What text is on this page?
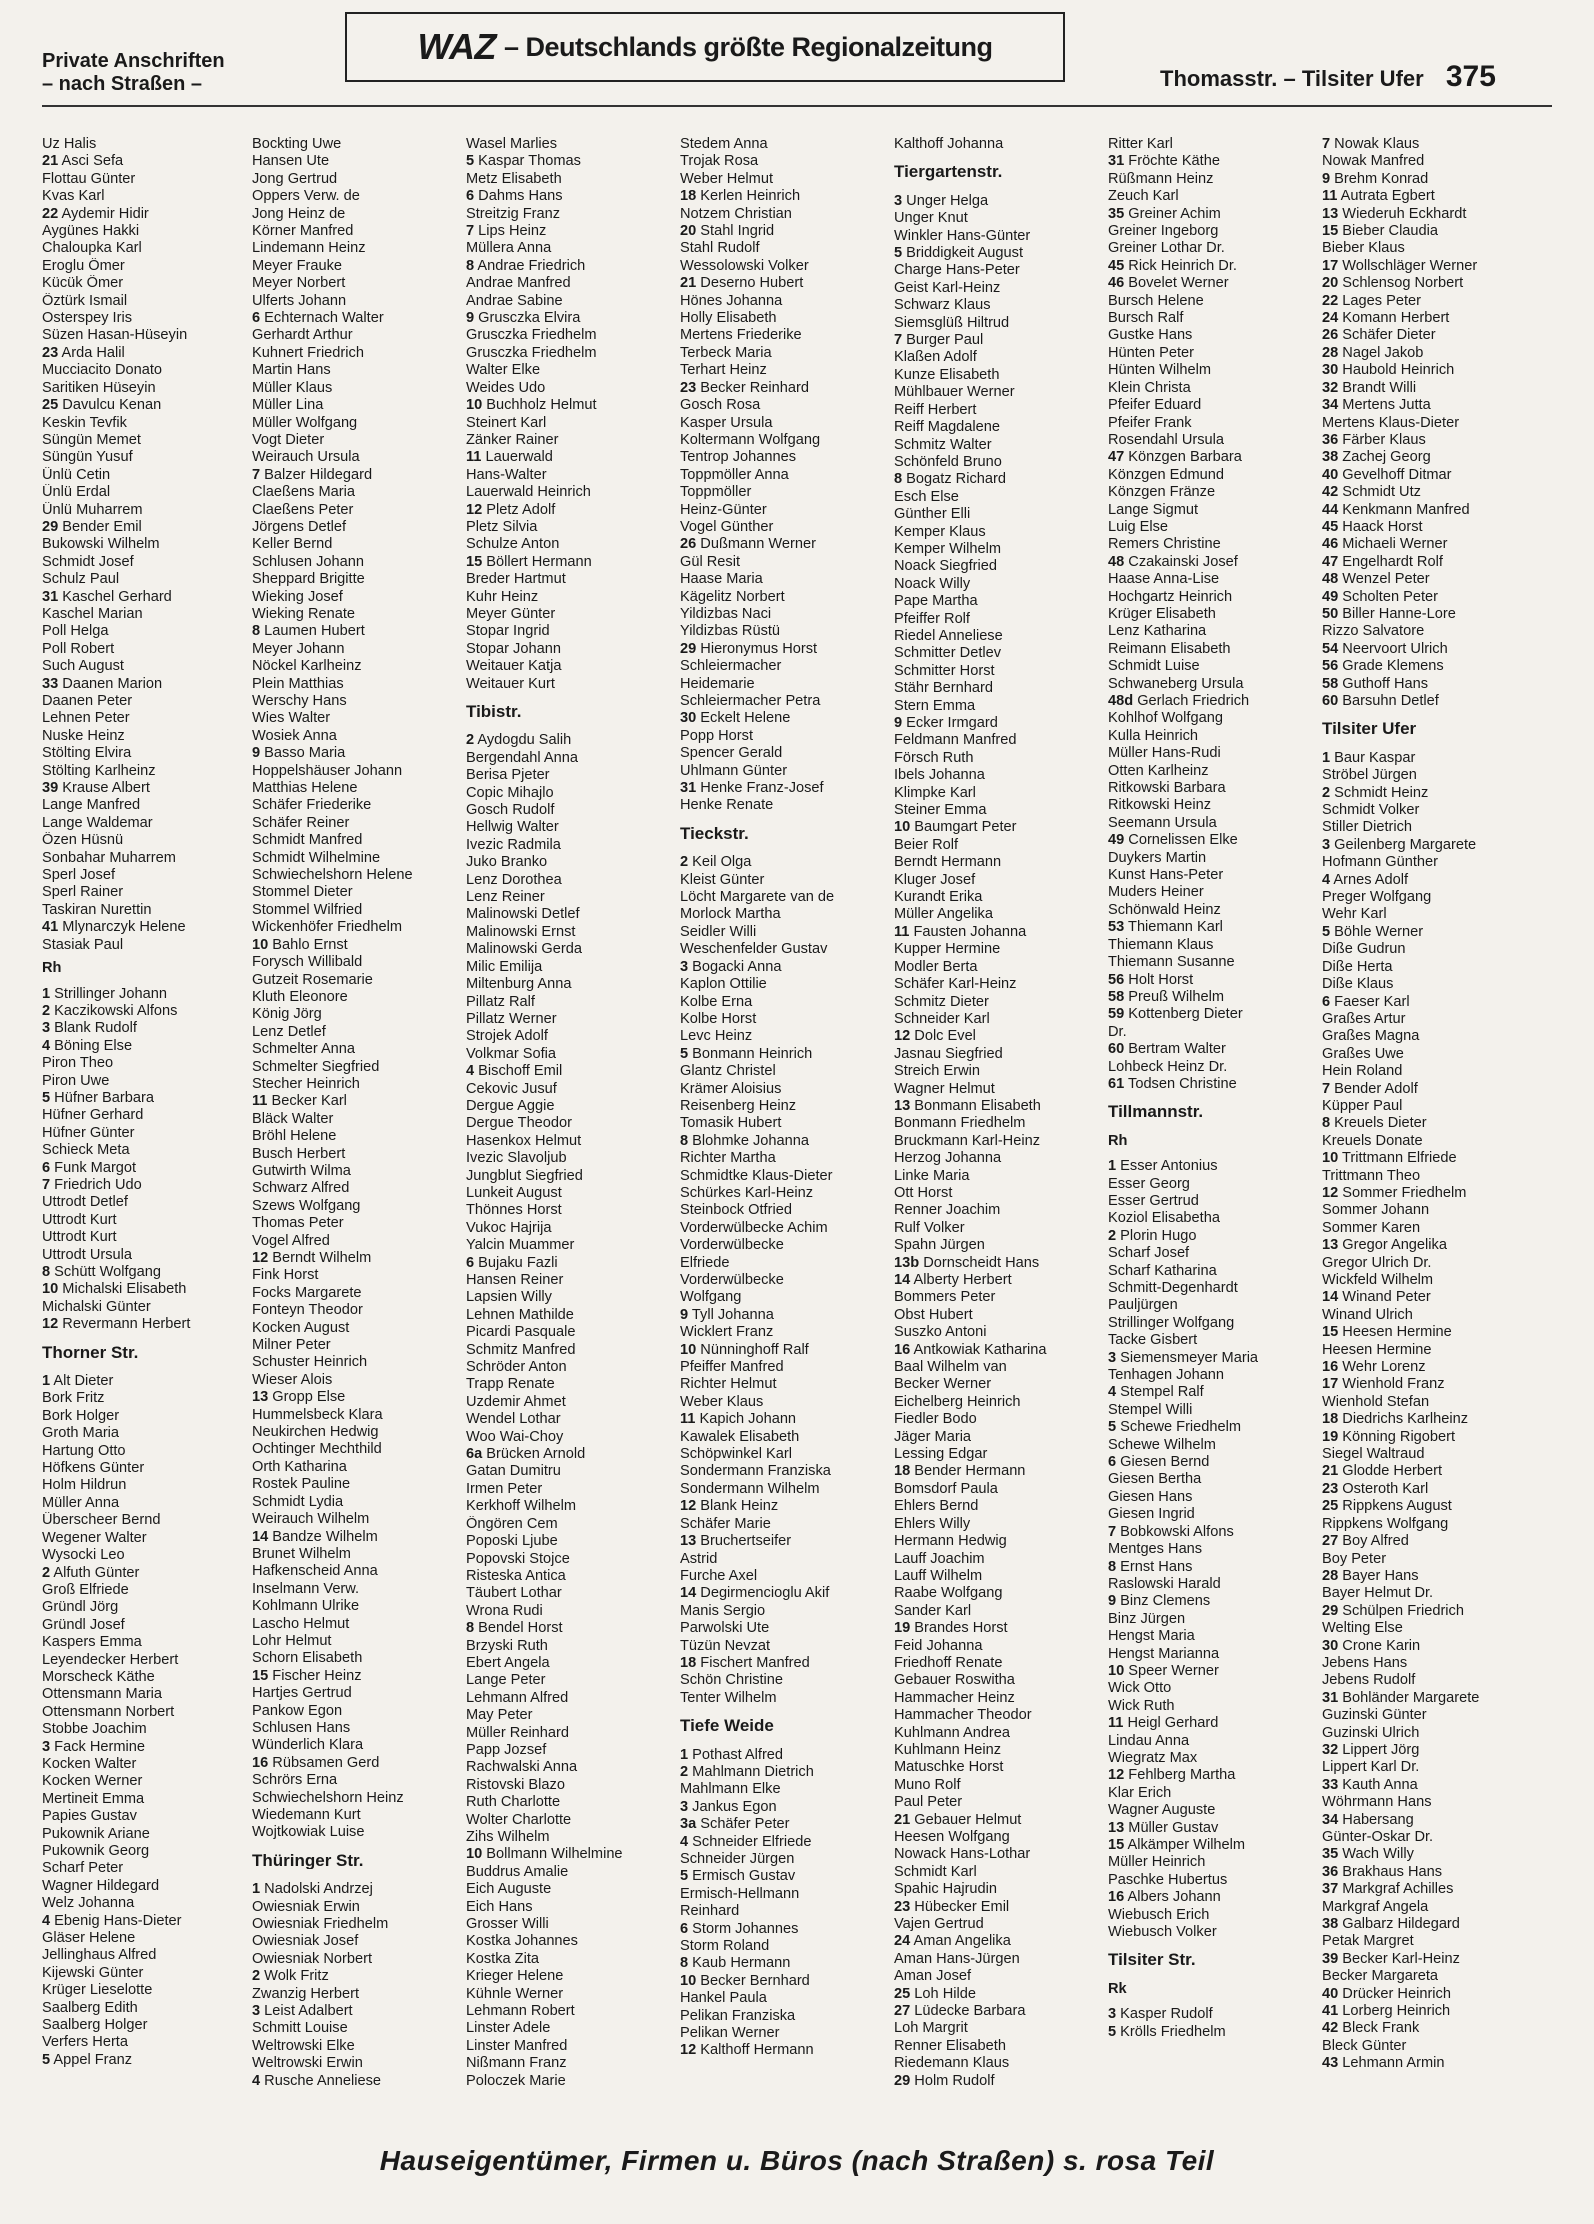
Private Anschriften
– nach Straßen –
WAZ – Deutschlands größte Regionalzeitung
Thomasstr. – Tilsiter Ufer 375
Uz Halis
21 Asci Sefa
Flottau Günter
Kvas Karl
22 Aydemir Hidir
Aygünes Hakki
Chaloupka Karl
Eroglu Ömer
Kücük Ömer
Öztürk Ismail
Osterspey Iris
Süzen Hasan-Hüseyin
23 Arda Halil
Mucciacito Donato
Saritiken Hüseyin
25 Davulcu Kenan
Keskin Tevfik
Süngün Memet
Süngün Yusuf
Ünlü Cetin
Ünlü Erdal
Ünlü Muharrem
29 Bender Emil
Bukowski Wilhelm
Schmidt Josef
Schulz Paul
31 Kaschel Gerhard
Kaschel Marian
Poll Helga
Poll Robert
Such August
33 Daanen Marion
Daanen Peter
Lehnen Peter
Nuske Heinz
Stölting Elvira
Stölting Karlheinz
39 Krause Albert
Lange Manfred
Lange Waldemar
Özen Hüsnü
Sonbahar Muharrem
Sperl Josef
Sperl Rainer
Taskiran Nurettin
41 Mlynarczyk Helene
Stasiak Paul
Rh
1 Strillinger Johann
2 Kaczikowski Alfons
3 Blank Rudolf
4 Böning Else
Piron Theo
Piron Uwe
5 Hüfner Barbara
Hüfner Gerhard
Hüfner Günter
Schieck Meta
6 Funk Margot
7 Friedrich Udo
Uttrodt Detlef
Uttrodt Kurt
Uttrodt Kurt
Uttrodt Ursula
8 Schütt Wolfgang
10 Michalski Elisabeth
Michalski Günter
12 Revermann Herbert
Thorner Str.
1 Alt Dieter
Bork Fritz
Bork Holger
Groth Maria
Hartung Otto
Höfkens Günter
Holm Hildrun
Müller Anna
Überscheer Bernd
Wegener Walter
Wysocki Leo
2 Alfuth Günter
Groß Elfriede
Gründl Jörg
Gründl Josef
Kaspers Emma
Leyendecker Herbert
Morscheck Käthe
Ottensmann Maria
Ottensmann Norbert
Stobbe Joachim
3 Fack Hermine
Kocken Walter
Kocken Werner
Mertineit Emma
Papies Gustav
Pukownik Ariane
Pukownik Georg
Scharf Peter
Wagner Hildegard
Welz Johanna
4 Ebenig Hans-Dieter
Gläser Helene
Jellinghaus Alfred
Kijewski Günter
Krüger Lieselotte
Saalberg Edith
Saalberg Holger
Verfers Herta
5 Appel Franz
Bockting Uwe
Hansen Ute
Jong Gertrud
Oppers Verw. de
Jong Heinz de
Körner Manfred
Lindemann Heinz
Meyer Frauke
Meyer Norbert
Ulferts Johann
6 Echternach Walter
Gerhardt Arthur
Kuhnert Friedrich
Martin Hans
Müller Klaus
Müller Lina
Müller Wolfgang
Vogt Dieter
Weirauch Ursula
7 Balzer Hildegard
Claeßens Maria
Claeßens Peter
Jörgens Detlef
Keller Bernd
Schlusen Johann
Sheppard Brigitte
Wieking Josef
Wieking Renate
8 Laumen Hubert
Meyer Johann
Nöckel Karlheinz
Plein Matthias
Werschy Hans
Wies Walter
Wosiek Anna
9 Basso Maria
Hoppelshäuser Johann
Matthias Helene
Schäfer Friederike
Schäfer Reiner
Schmidt Manfred
Schmidt Wilhelmine
Schwiechelshorn Helene
Stommel Dieter
Stommel Wilfried
Wickenhöfer Friedhelm
10 Bahlo Ernst
Forysch Willibald
Gutzeit Rosemarie
Kluth Eleonore
König Jörg
Lenz Detlef
Schmelter Anna
Schmelter Siegfried
Stecher Heinrich
11 Becker Karl
Bläck Walter
Bröhl Helene
Busch Herbert
Gutwirth Wilma
Schwarz Alfred
Szews Wolfgang
Thomas Peter
Vogel Alfred
12 Berndt Wilhelm
Fink Horst
Focks Margarete
Fonteyn Theodor
Kocken August
Milner Peter
Schuster Heinrich
Wieser Alois
13 Gropp Else
Hummelsbeck Klara
Neukirchen Hedwig
Ochtinger Mechthild
Orth Katharina
Rostek Pauline
Schmidt Lydia
Weirauch Wilhelm
14 Bandze Wilhelm
Brunet Wilhelm
Hafkenscheid Anna
Inselmann Verw.
Kohlmann Ulrike
Lascho Helmut
Lohr Helmut
Schorn Elisabeth
15 Fischer Heinz
Hartjes Gertrud
Pankow Egon
Schlusen Hans
Wünderlich Klara
16 Rübsamen Gerd
Schrörs Erna
Schwiechelshorn Heinz
Wiedemann Kurt
Wojtkowiak Luise
Thüringer Str.
1 Nadolski Andrzej
Owiesniak Erwin
Owiesniak Friedhelm
Owiesniak Josef
Owiesniak Norbert
2 Wolk Fritz
Zwanzig Herbert
3 Leist Adalbert
Schmitt Louise
Weltrowski Elke
Weltrowski Erwin
4 Rusche Anneliese
Wasel Marlies
5 Kaspar Thomas
Metz Elisabeth
6 Dahms Hans
Streitzig Franz
7 Lips Heinz
Müllera Anna
8 Andrae Friedrich
Andrae Manfred
Andrae Sabine
9 Grusczka Elvira
Grusczka Friedhelm
Grusczka Friedhelm
Walter Elke
Weides Udo
10 Buchholz Helmut
Steinert Karl
Zänker Rainer
11 Lauerwald
Hans-Walter
Lauerwald Heinrich
12 Pletz Adolf
Pletz Silvia
Schulze Anton
15 Böllert Hermann
Breder Hartmut
Kuhr Heinz
Meyer Günter
Stopar Ingrid
Stopar Johann
Weitauer Katja
Weitauer Kurt
Tibistr.
2 Aydogdu Salih
Bergendahl Anna
Berisa Pjeter
Copic Mihajlo
Gosch Rudolf
Hellwig Walter
Ivezic Radmila
Juko Branko
Lenz Dorothea
Lenz Reiner
Malinowski Detlef
Malinowski Ernst
Malinowski Gerda
Milic Emilija
Miltenburg Anna
Pillatz Ralf
Pillatz Werner
Strojek Adolf
Volkmar Sofia
4 Bischoff Emil
Cekovic Jusuf
Dergue Aggie
Dergue Theodor
Hasenkox Helmut
Ivezic Slavoljub
Jungblut Siegfried
Lunkeit August
Thönnes Horst
Vukoc Hajrija
Yalcin Muammer
6 Bujaku Fazli
Hansen Reiner
Lapsien Willy
Lehnen Mathilde
Picardi Pasquale
Schmitz Manfred
Schröder Anton
Trapp Renate
Uzdemir Ahmet
Wendel Lothar
Woo Wai-Choy
6a Brücken Arnold
Gatan Dumitru
Irmen Peter
Kerkhoff Wilhelm
Öngören Cem
Poposki Ljube
Popovski Stojce
Risteska Antica
Täubert Lothar
Wrona Rudi
8 Bendel Horst
Brzyski Ruth
Ebert Angela
Lange Peter
Lehmann Alfred
May Peter
Müller Reinhard
Papp Jozsef
Rachwalski Anna
Ristovski Blazo
Ruth Charlotte
Wolter Charlotte
Zihs Wilhelm
10 Bollmann Wilhelmine
Buddrus Amalie
Eich Auguste
Eich Hans
Grosser Willi
Kostka Johannes
Kostka Zita
Krieger Helene
Kühnle Werner
Lehmann Robert
Linster Adele
Linster Manfred
Nißmann Franz
Poloczek Marie
Stedem Anna
Trojak Rosa
Weber Helmut
18 Kerlen Heinrich
Notzem Christian
20 Stahl Ingrid
Stahl Rudolf
Wessolowski Volker
21 Deserno Hubert
Hönes Johanna
Holly Elisabeth
Mertens Friederike
Terbeck Maria
Terhart Heinz
23 Becker Reinhard
Gosch Rosa
Kasper Ursula
Koltermann Wolfgang
Tentrop Johannes
Toppmöller Anna
Toppmöller
Heinz-Günter
Vogel Günther
26 Dußmann Werner
Gül Resit
Haase Maria
Kägelitz Norbert
Yildizbas Naci
Yildizbas Rüstü
29 Hieronymus Horst
Schleiermacher
Heidemarie
Schleiermacher Petra
30 Eckelt Helene
Popp Horst
Spencer Gerald
Uhlmann Günter
31 Henke Franz-Josef
Henke Renate
Tieckstr.
2 Keil Olga
Kleist Günter
Löcht Margarete van de
Morlock Martha
Seidler Willi
Weschenfelder Gustav
3 Bogacki Anna
Kaplon Ottilie
Kolbe Erna
Kolbe Horst
Levc Heinz
5 Bonmann Heinrich
Glantz Christel
Krämer Aloisius
Reisenberg Heinz
Tomasik Hubert
8 Blohmke Johanna
Richter Martha
Schmidtke Klaus-Dieter
Schürkes Karl-Heinz
Steinbock Otfried
Vorderwülbecke Achim
Vorderwülbecke
Elfriede
Vorderwülbecke
Wolfgang
9 Tyll Johanna
Wicklert Franz
10 Nünninghoff Ralf
Pfeiffer Manfred
Richter Helmut
Weber Klaus
11 Kapich Johann
Kawalek Elisabeth
Schöpwinkel Karl
Sondermann Franziska
Sondermann Wilhelm
12 Blank Heinz
Schäfer Marie
13 Bruchertseifer
Astrid
Furche Axel
14 Degirmencioglu Akif
Manis Sergio
Parwolski Ute
Tüzün Nevzat
18 Fischert Manfred
Schön Christine
Tenter Wilhelm
Tiefe Weide
1 Pothast Alfred
2 Mahlmann Dietrich
Mahlmann Elke
3 Jankus Egon
3a Schäfer Peter
4 Schneider Elfriede
Schneider Jürgen
5 Ermisch Gustav
Ermisch-Hellmann
Reinhard
6 Storm Johannes
Storm Roland
8 Kaub Hermann
10 Becker Bernhard
Hankel Paula
Pelikan Franziska
Pelikan Werner
12 Kalthoff Hermann
Kalthoff Johanna
Tiergartenstr.
3 Unger Helga
Unger Knut
Winkler Hans-Günter
5 Briddigkeit August
Charge Hans-Peter
Geist Karl-Heinz
Schwarz Klaus
Siemsglüß Hiltrud
7 Burger Paul
Klaßen Adolf
Kunze Elisabeth
Mühlbauer Werner
Reiff Herbert
Reiff Magdalene
Schmitz Walter
Schönfeld Bruno
8 Bogatz Richard
Esch Else
Günther Elli
Kemper Klaus
Kemper Wilhelm
Noack Siegfried
Noack Willy
Pape Martha
Pfeiffer Rolf
Riedel Anneliese
Schmitter Detlev
Schmitter Horst
Stähr Bernhard
Stern Emma
9 Ecker Irmgard
Feldmann Manfred
Försch Ruth
Ibels Johanna
Klimpke Karl
Steiner Emma
10 Baumgart Peter
Beier Rolf
Berndt Hermann
Kluger Josef
Kurandt Erika
Müller Angelika
11 Fausten Johanna
Kupper Hermine
Modler Berta
Schäfer Karl-Heinz
Schmitz Dieter
Schneider Karl
12 Dolc Evel
Jasnau Siegfried
Streich Erwin
Wagner Helmut
13 Bonmann Elisabeth
Bonmann Friedhelm
Bruckmann Karl-Heinz
Herzog Johanna
Linke Maria
Ott Horst
Renner Joachim
Rulf Volker
Spahn Jürgen
13b Dornscheidt Hans
14 Alberty Herbert
Bommers Peter
Obst Hubert
Suszko Antoni
16 Antkowiak Katharina
Baal Wilhelm van
Becker Werner
Eichelberg Heinrich
Fiedler Bodo
Jäger Maria
Lessing Edgar
18 Bender Hermann
Bomsdorf Paula
Ehlers Bernd
Ehlers Willy
Hermann Hedwig
Lauff Joachim
Lauff Wilhelm
Raabe Wolfgang
Sander Karl
19 Brandes Horst
Feid Johanna
Friedhoff Renate
Gebauer Roswitha
Hammacher Heinz
Hammacher Theodor
Kuhlmann Andrea
Kuhlmann Heinz
Matuschke Horst
Muno Rolf
Paul Peter
21 Gebauer Helmut
Heesen Wolfgang
Nowack Hans-Lothar
Schmidt Karl
Spahic Hajrudin
23 Hübecker Emil
Vajen Gertrud
24 Aman Angelika
Aman Hans-Jürgen
Aman Josef
25 Loh Hilde
27 Lüdecke Barbara
Loh Margrit
Renner Elisabeth
Riedemann Klaus
29 Holm Rudolf
Ritter Karl
31 Fröchte Käthe
Rüßmann Heinz
Zeuch Karl
35 Greiner Achim
Greiner Ingeborg
Greiner Lothar Dr.
45 Rick Heinrich Dr.
46 Bovelet Werner
Bursch Helene
Bursch Ralf
Gustke Hans
Hünten Peter
Hünten Wilhelm
Klein Christa
Pfeifer Eduard
Pfeifer Frank
Rosendahl Ursula
47 Könzgen Barbara
Könzgen Edmund
Könzgen Fränze
Lange Sigmut
Luig Else
Remers Christine
48 Czakainski Josef
Haase Anna-Lise
Hochgartz Heinrich
Krüger Elisabeth
Lenz Katharina
Reimann Elisabeth
Schmidt Luise
Schwaneberg Ursula
48d Gerlach Friedrich
Kohlhof Wolfgang
Kulla Heinrich
Müller Hans-Rudi
Otten Karlheinz
Ritkowski Barbara
Ritkowski Heinz
Seemann Ursula
49 Cornelissen Elke
Duykers Martin
Kunst Hans-Peter
Muders Heiner
Schönwald Heinz
53 Thiemann Karl
Thiemann Klaus
Thiemann Susanne
56 Holt Horst
58 Preuß Wilhelm
59 Kottenberg Dieter
Dr.
60 Bertram Walter
Lohbeck Heinz Dr.
61 Todsen Christine
Tillmannstr.
Rh
1 Esser Antonius
Esser Georg
Esser Gertrud
Koziol Elisabetha
2 Plorin Hugo
Scharf Josef
Scharf Katharina
Schmitt-Degenhardt
Pauljürgen
Strillinger Wolfgang
Tacke Gisbert
3 Siemensmeyer Maria
Tenhagen Johann
4 Stempel Ralf
Stempel Willi
5 Schewe Friedhelm
Schewe Wilhelm
6 Giesen Bernd
Giesen Bertha
Giesen Hans
Giesen Ingrid
7 Bobkowski Alfons
Mentges Hans
8 Ernst Hans
Raslowski Harald
9 Binz Clemens
Binz Jürgen
Hengst Maria
Hengst Marianna
10 Speer Werner
Wick Otto
Wick Ruth
11 Heigl Gerhard
Lindau Anna
Wiegratz Max
12 Fehlberg Martha
Klar Erich
Wagner Auguste
13 Müller Gustav
15 Alkämper Wilhelm
Müller Heinrich
Paschke Hubertus
16 Albers Johann
Wiebusch Erich
Wiebusch Volker
Tilsiter Str.
Rk
3 Kasper Rudolf
5 Krölls Friedhelm
7 Nowak Klaus
Nowak Manfred
9 Brehm Konrad
11 Autrata Egbert
13 Wiederuh Eckhardt
15 Bieber Claudia
Bieber Klaus
17 Wollschläger Werner
20 Schlensog Norbert
22 Lages Peter
24 Komann Herbert
26 Schäfer Dieter
28 Nagel Jakob
30 Haubold Heinrich
32 Brandt Willi
34 Mertens Jutta
Mertens Klaus-Dieter
36 Färber Klaus
38 Zachej Georg
40 Gevelhoff Ditmar
42 Schmidt Utz
44 Kenkmann Manfred
45 Haack Horst
46 Michaeli Werner
47 Engelhardt Rolf
48 Wenzel Peter
49 Scholten Peter
50 Biller Hanne-Lore
Rizzo Salvatore
54 Neervoort Ulrich
56 Grade Klemens
58 Guthoff Hans
60 Barsuhn Detlef
Tilsiter Ufer
1 Baur Kaspar
Ströbel Jürgen
2 Schmidt Heinz
Schmidt Volker
Stiller Dietrich
3 Geilenberg Margarete
Hofmann Günther
4 Arnes Adolf
Preger Wolfgang
Wehr Karl
5 Böhle Werner
Diße Gudrun
Diße Herta
Diße Klaus
6 Faeser Karl
Graßes Artur
Graßes Magna
Graßes Uwe
Hein Roland
7 Bender Adolf
Küpper Paul
8 Kreuels Dieter
Kreuels Donate
10 Trittmann Elfriede
Trittmann Theo
12 Sommer Friedhelm
Sommer Johann
Sommer Karen
13 Gregor Angelika
Gregor Ulrich Dr.
Wickfeld Wilhelm
14 Winand Peter
Winand Ulrich
15 Heesen Hermine
Heesen Hermine
16 Wehr Lorenz
17 Wienhold Franz
Wienhold Stefan
18 Diedrichs Karlheinz
19 Könning Rigobert
Siegel Waltraud
21 Glodde Herbert
23 Osteroth Karl
25 Rippkens August
Rippkens Wolfgang
27 Boy Alfred
Boy Peter
28 Bayer Hans
Bayer Helmut Dr.
29 Schülpen Friedrich
Welting Else
30 Crone Karin
Jebens Hans
Jebens Rudolf
31 Bohländer Margarete
Guzinski Günter
Guzinski Ulrich
32 Lippert Jörg
Lippert Karl Dr.
33 Kauth Anna
Wöhrmann Hans
34 Habersang
Günter-Oskar Dr.
35 Wach Willy
36 Brakhaus Hans
37 Markgraf Achilles
Markgraf Angela
38 Galbarz Hildegard
Petak Margret
39 Becker Karl-Heinz
Becker Margareta
40 Drücker Heinrich
41 Lorberg Heinrich
42 Bleck Frank
Bleck Günter
43 Lehmann Armin
Hauseigentümer, Firmen u. Büros (nach Straßen) s. rosa Teil
